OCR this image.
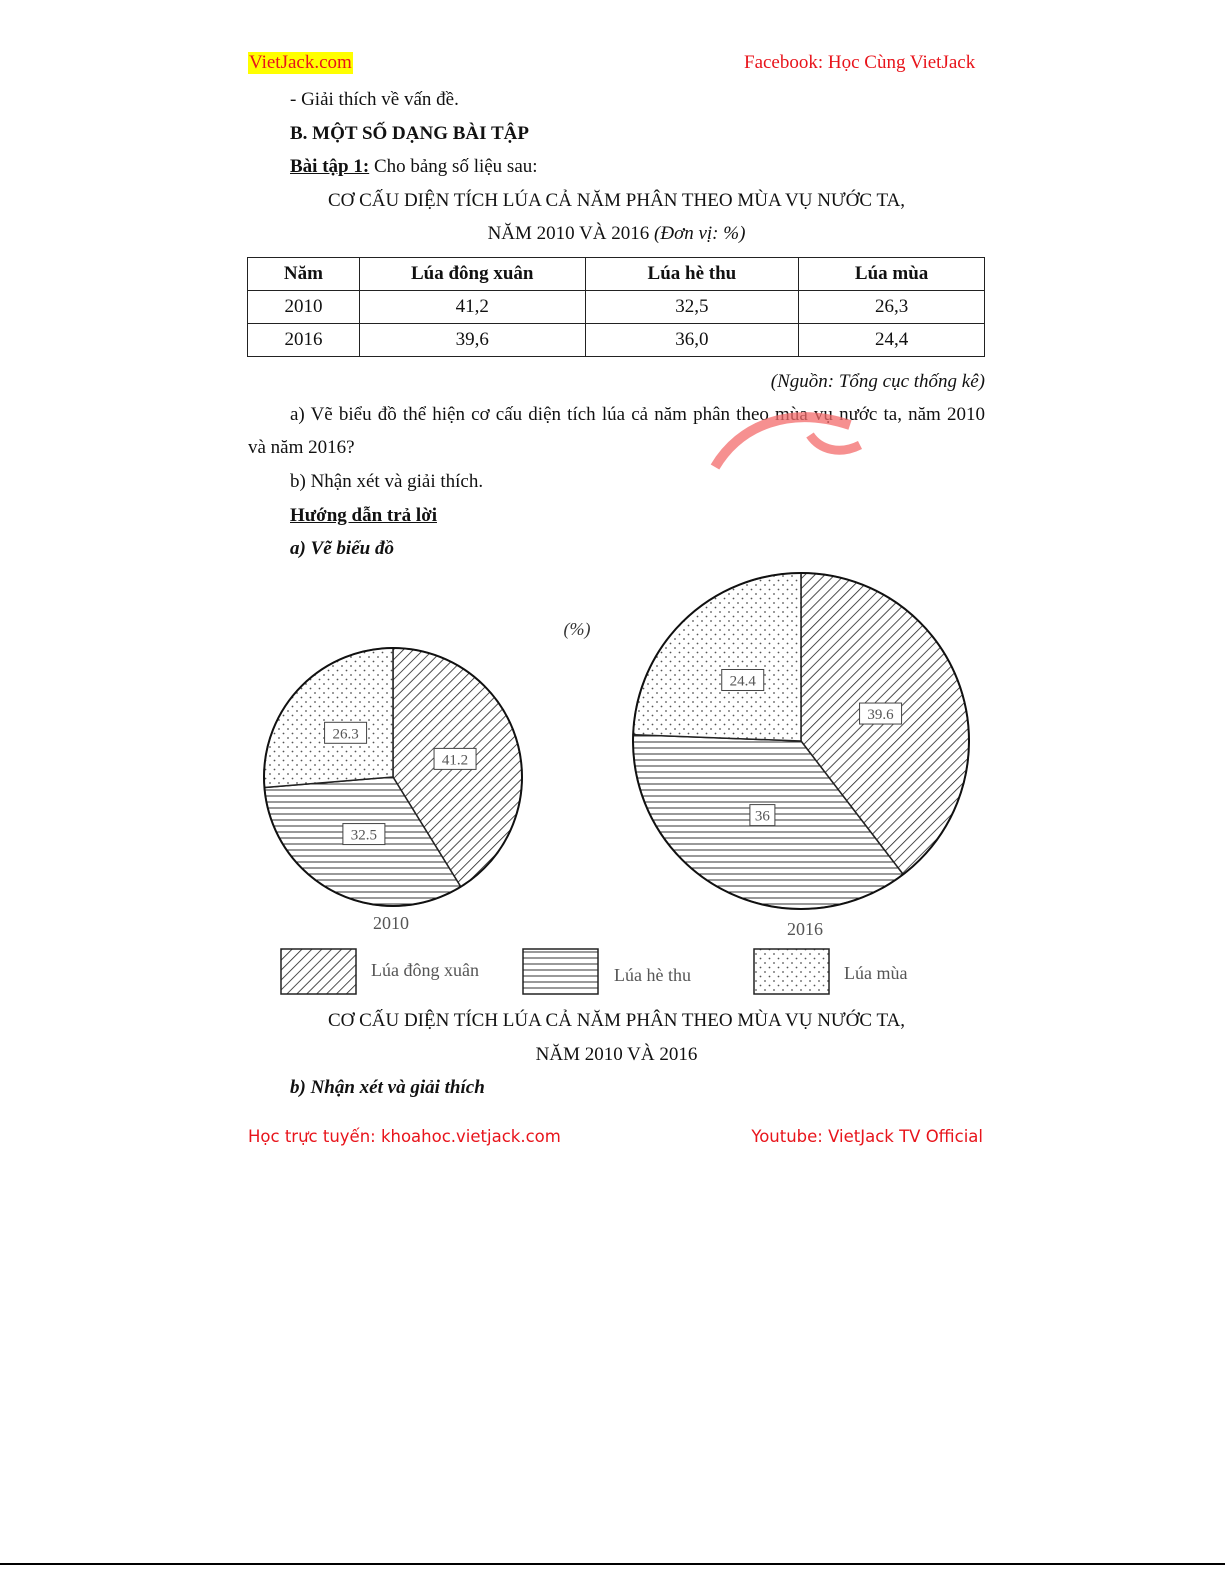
VietJack.com	Facebook: Học Cùng VietJack
- Giải thích về vấn đề.
B. MỘT SỐ DẠNG BÀI TẬP
Bài tập 1: Cho bảng số liệu sau:
CƠ CẤU DIỆN TÍCH LÚA CẢ NĂM PHÂN THEO MÙA VỤ NƯỚC TA,
NĂM 2010 VÀ 2016 (Đơn vị: %)
Năm	Lúa đông xuân	Lúa hè thu	Lúa mùa
2010	41,2	32,5	26,3
2016	39,6	36,0	24,4
(Nguồn: Tổng cục thống kê)
a) Vẽ biểu đồ thể hiện cơ cấu diện tích lúa cả năm phân theo mùa vụ nước ta, năm 2010
và năm 2016?
b) Nhận xét và giải thích.
Hướng dẫn trả lời
a) Vẽ biểu đồ
(%)
41.2
32.5
26.3
39.6
36
24.4
2010	2016
Lúa đông xuân	Lúa hè thu	Lúa mùa
CƠ CẤU DIỆN TÍCH LÚA CẢ NĂM PHÂN THEO MÙA VỤ NƯỚC TA,
NĂM 2010 VÀ 2016
b) Nhận xét và giải thích
Học trực tuyến: khoahoc.vietjack.com	Youtube: VietJack TV Official
